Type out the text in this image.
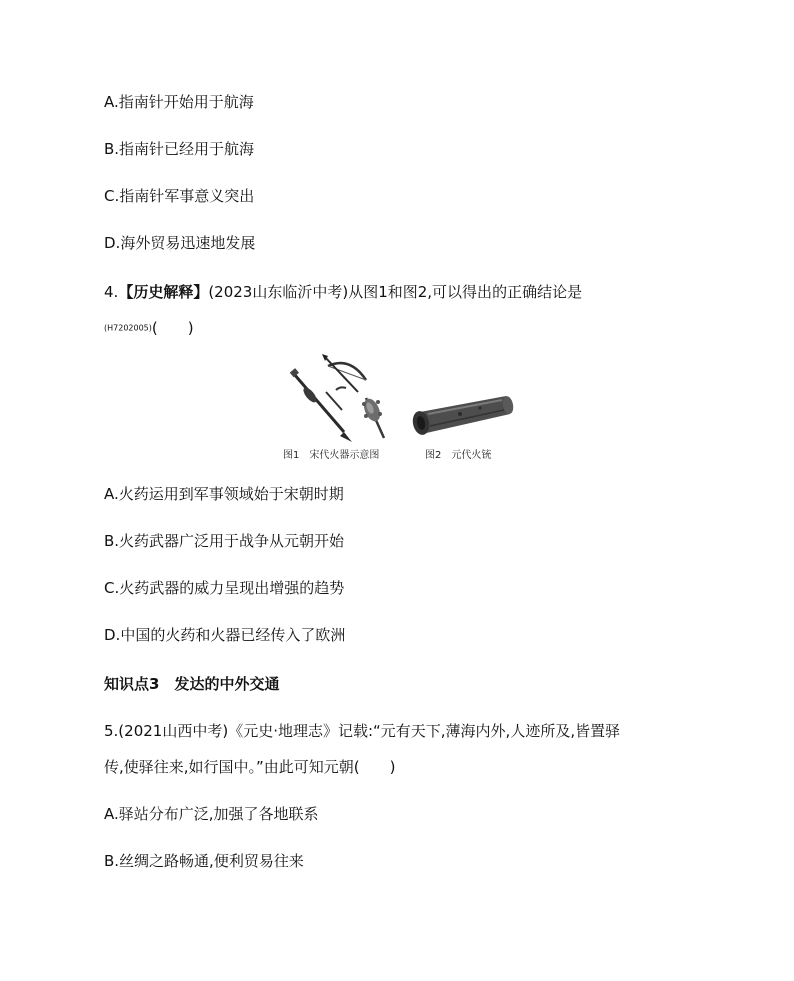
A.指南针开始用于航海
B.指南针已经用于航海
C.指南针军事意义突出
D.海外贸易迅速地发展
4.【历史解释】(2023山东临沂中考)从图1和图2,可以得出的正确结论是
(H7202005)(　　)
图1　宋代火器示意图	图2　元代火铳
A.火药运用到军事领域始于宋朝时期
B.火药武器广泛用于战争从元朝开始
C.火药武器的威力呈现出增强的趋势
D.中国的火药和火器已经传入了欧洲
知识点3　发达的中外交通
5.(2021山西中考)《元史·地理志》记载:“元有天下,薄海内外,人迹所及,皆置驿
传,使驿往来,如行国中。”由此可知元朝(　　)
A.驿站分布广泛,加强了各地联系
B.丝绸之路畅通,便利贸易往来
